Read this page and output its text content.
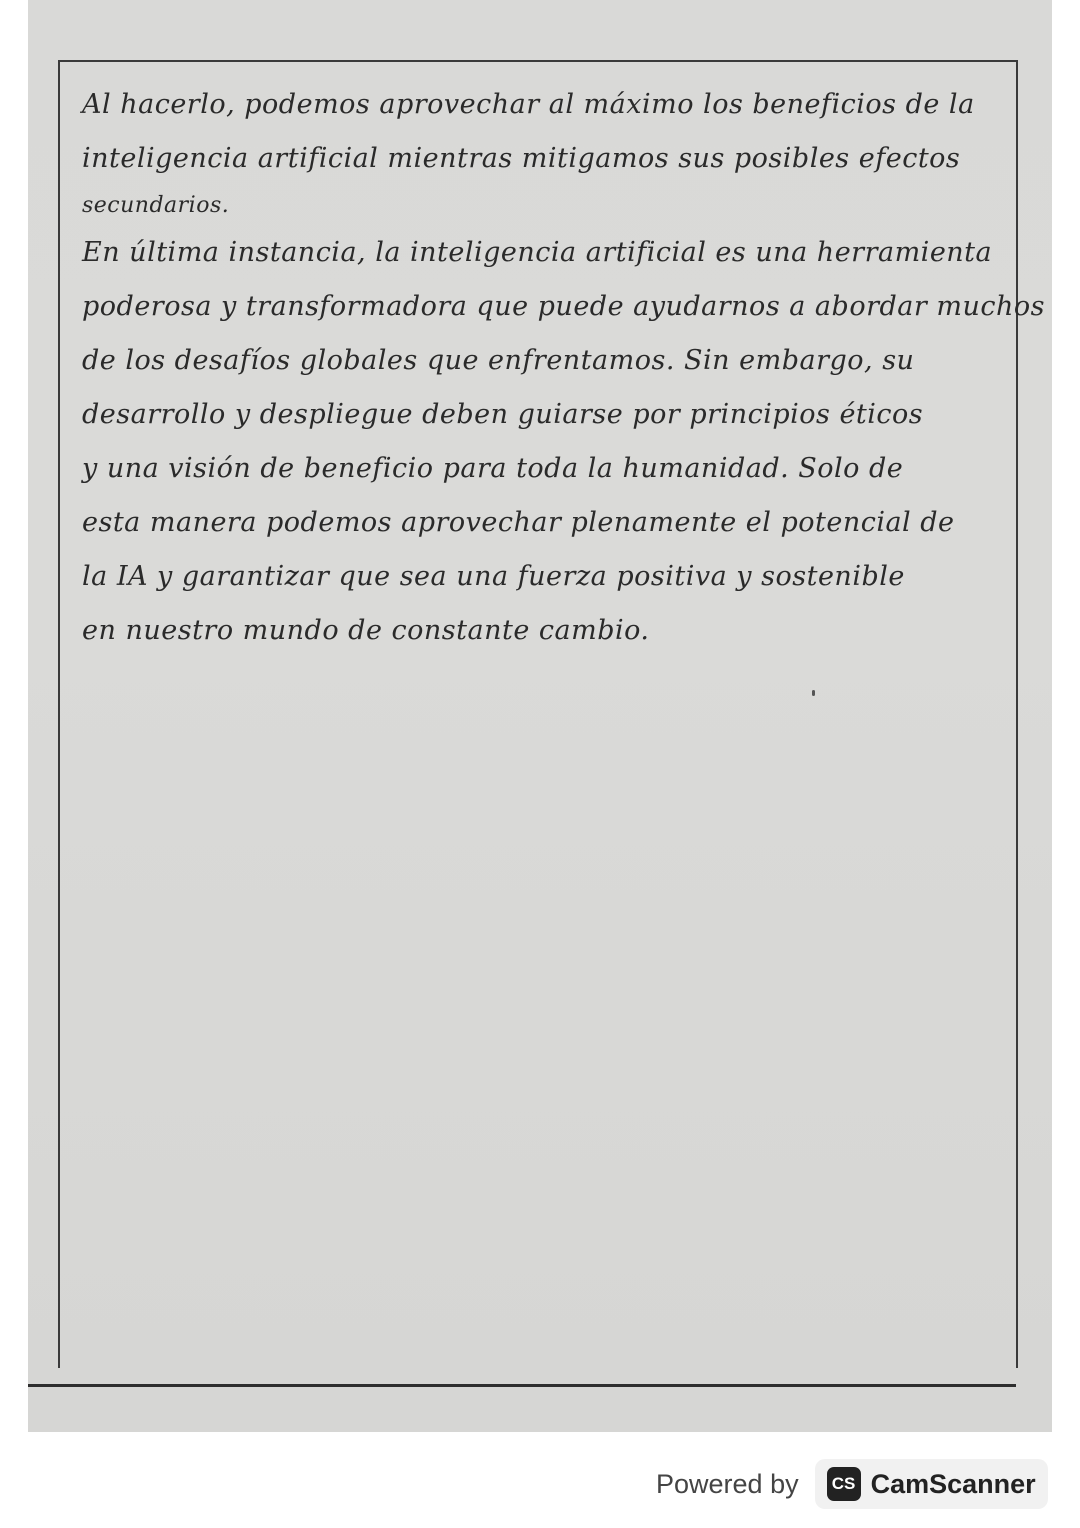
Al hacerlo, podemos aprovechar al máximo los beneficios de la
inteligencia artificial mientras mitigamos sus posibles efectos
secundarios.
En última instancia, la inteligencia artificial es una herramienta
poderosa y transformadora que puede ayudarnos a abordar muchos
de los desafíos globales que enfrentamos. Sin embargo, su
desarrollo y despliegue deben guiarse por principios éticos
y una visión de beneficio para toda la humanidad. Solo de
esta manera podemos aprovechar plenamente el potencial de
la IA y garantizar que sea una fuerza positiva y sostenible
en nuestro mundo de constante cambio.
Powered by	CS CamScanner
